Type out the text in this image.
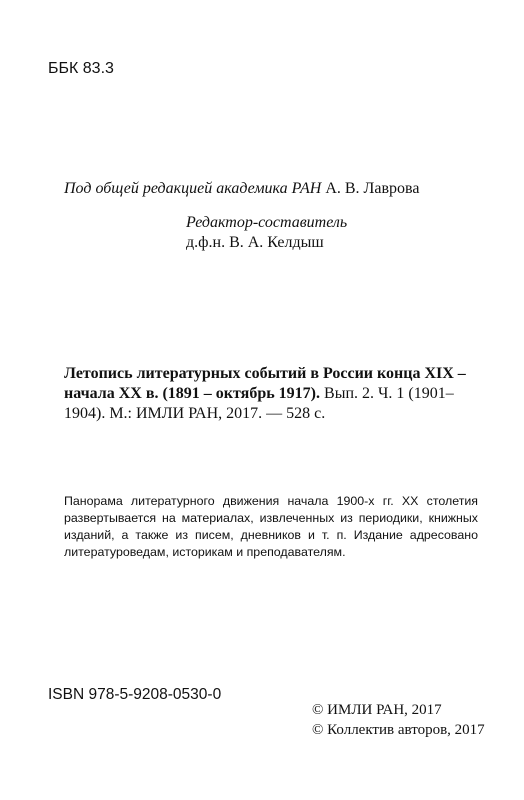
ББК 83.3
Под общей редакцией академика РАН А. В. Лаврова
Редактор-составитель
д.ф.н. В. А. Келдыш
Летопись литературных событий в России конца XIX – начала XX в. (1891 – октябрь 1917). Вып. 2. Ч. 1 (1901–1904). М.: ИМЛИ РАН, 2017. — 528 с.
Панорама литературного движения начала 1900-х гг. XX столетия развертывается на материалах, извлеченных из периодики, книжных изданий, а также из писем, дневников и т. п. Издание адресовано литературоведам, историкам и преподавателям.
ISBN 978-5-9208-0530-0
© ИМЛИ РАН, 2017
© Коллектив авторов, 2017
